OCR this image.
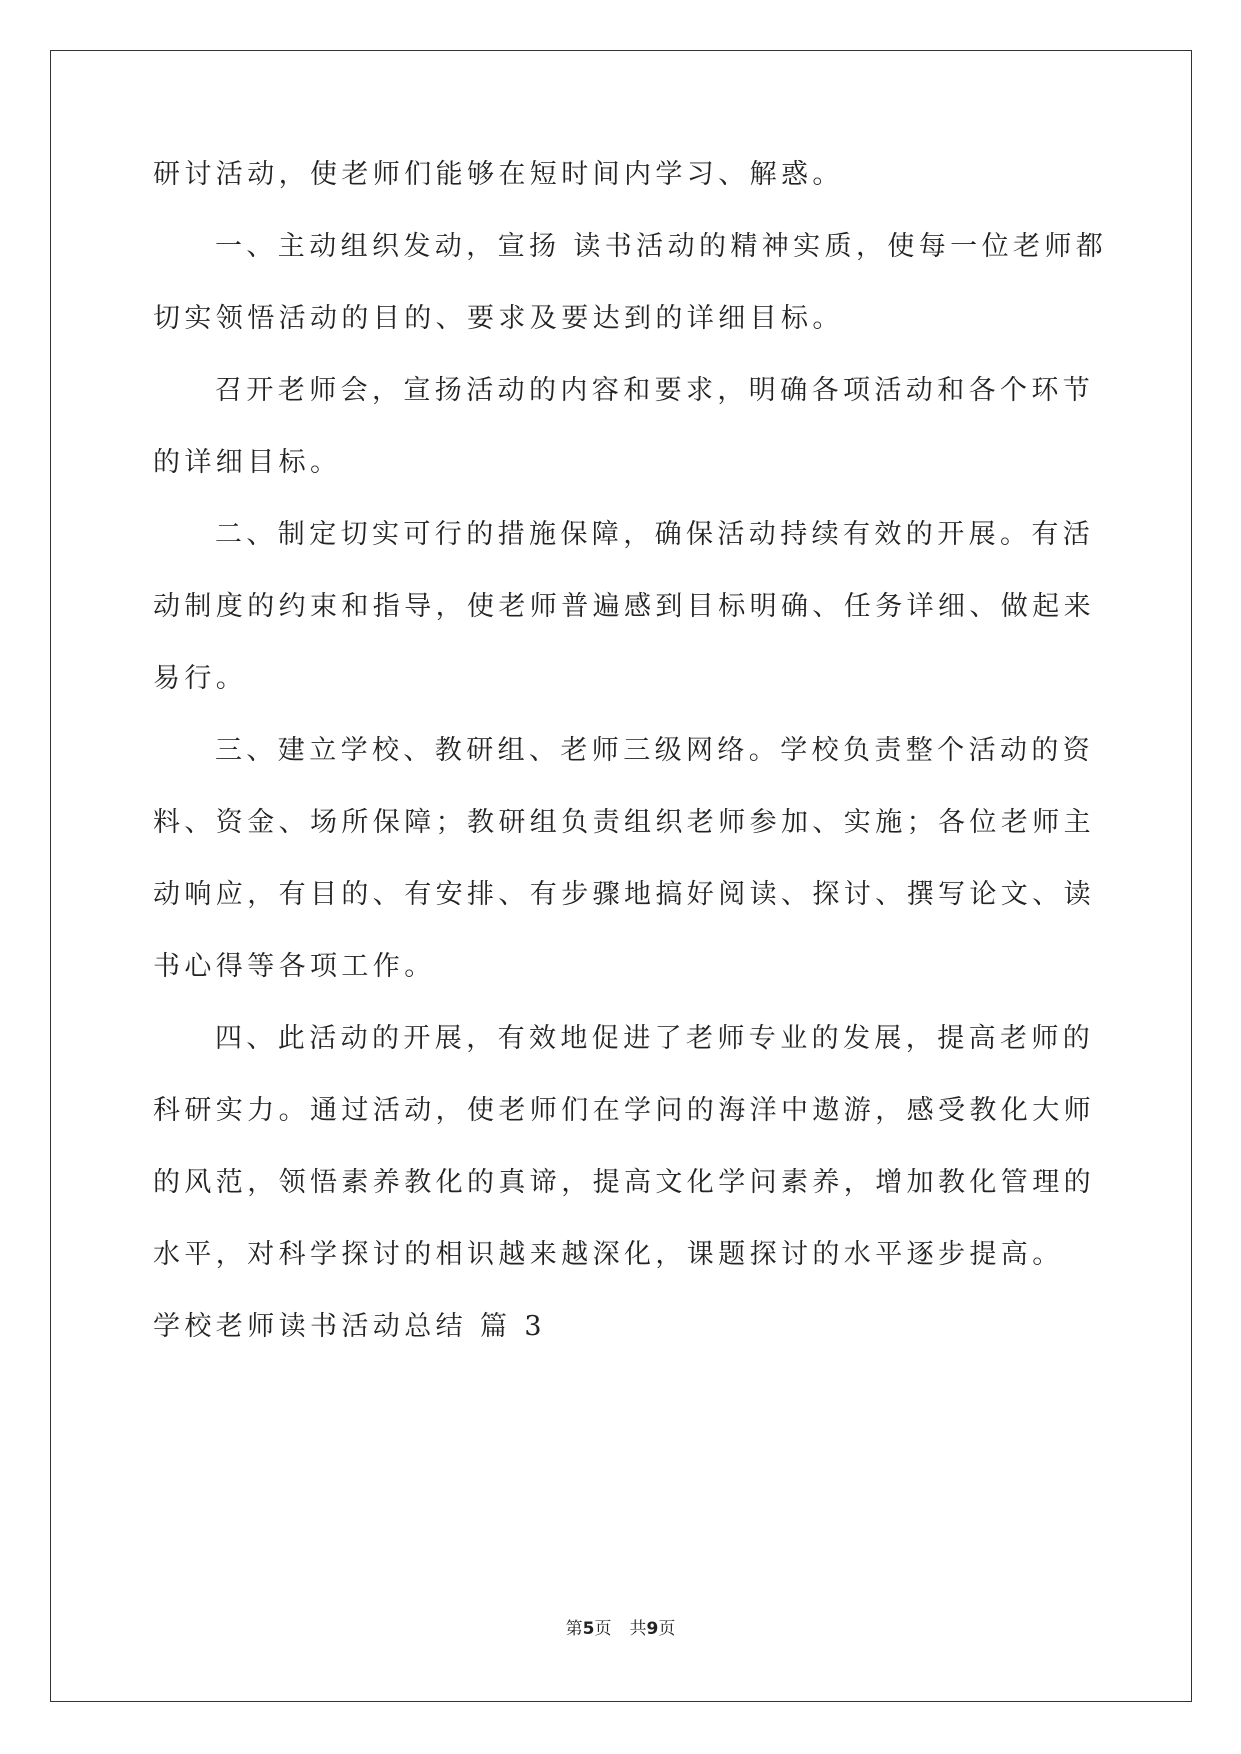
研讨活动，使老师们能够在短时间内学习、解惑。
一、主动组织发动，宣扬 读书活动的精神实质，使每一位老师都
切实领悟活动的目的、要求及要达到的详细目标。
召开老师会，宣扬活动的内容和要求，明确各项活动和各个环节
的详细目标。
二、制定切实可行的措施保障，确保活动持续有效的开展。有活
动制度的约束和指导，使老师普遍感到目标明确、任务详细、做起来
易行。
三、建立学校、教研组、老师三级网络。学校负责整个活动的资
料、资金、场所保障；教研组负责组织老师参加、实施；各位老师主
动响应，有目的、有安排、有步骤地搞好阅读、探讨、撰写论文、读
书心得等各项工作。
四、此活动的开展，有效地促进了老师专业的发展，提高老师的
科研实力。通过活动，使老师们在学问的海洋中遨游，感受教化大师
的风范，领悟素养教化的真谛，提高文化学问素养，增加教化管理的
水平，对科学探讨的相识越来越深化，课题探讨的水平逐步提高。
学校老师读书活动总结 篇 3
第5页 共9页
